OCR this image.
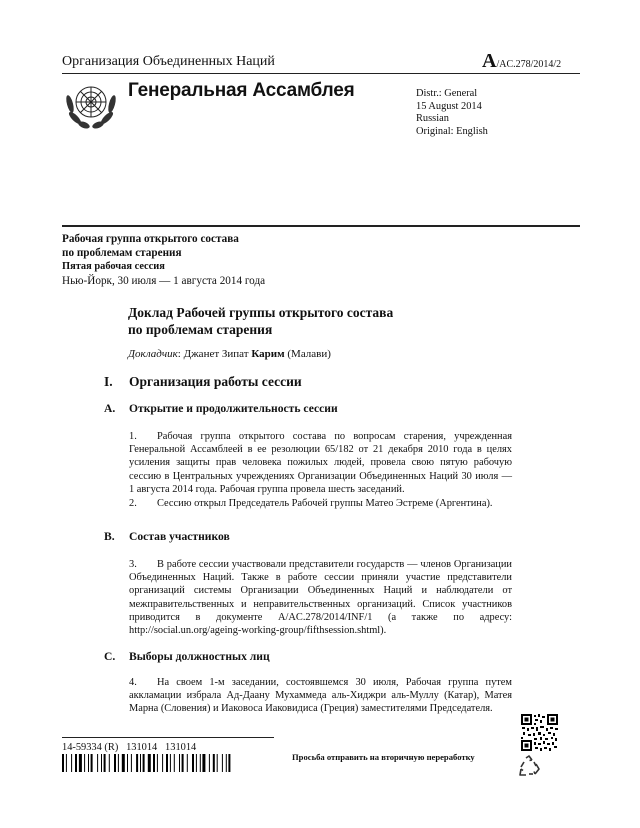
Организация Объединенных Наций	A/AC.278/2014/2
Генеральная Ассамблея	Distr.: General
15 August 2014
Russian
Original: English
Рабочая группа открытого состава
по проблемам старения
Пятая рабочая сессия
Нью-Йорк, 30 июля — 1 августа 2014 года
Доклад Рабочей группы открытого состава
по проблемам старения
Докладчик: Джанет Зипат Карим (Малави)
I. Организация работы сессии
A. Открытие и продолжительность сессии
1. Рабочая группа открытого состава по вопросам старения, учрежденная Генеральной Ассамблеей в ее резолюции 65/182 от 21 декабря 2010 года в целях усиления защиты прав человека пожилых людей, провела свою пятую рабочую сессию в Центральных учреждениях Организации Объединенных Наций 30 июля — 1 августа 2014 года. Рабочая группа провела шесть заседаний.
2. Сессию открыл Председатель Рабочей группы Матео Эстреме (Аргентина).
B. Состав участников
3. В работе сессии участвовали представители государств — членов Организации Объединенных Наций. Также в работе сессии приняли участие представители организаций системы Организации Объединенных Наций и наблюдатели от межправительственных и неправительственных организаций. Список участников приводится в документе A/AC.278/2014/INF/1 (а также по адресу: http://social.un.org/ageing-working-group/fifthsession.shtml).
C. Выборы должностных лиц
4. На своем 1-м заседании, состоявшемся 30 июля, Рабочая группа путем аккламации избрала Ад-Даану Мухаммеда аль-Хиджри аль-Муллу (Катар), Матея Марна (Словения) и Иаковоса Иаковидиса (Греция) заместителями Председателя.
14-59334 (R) 131014 131014
Просьба отправить на вторичную переработку
